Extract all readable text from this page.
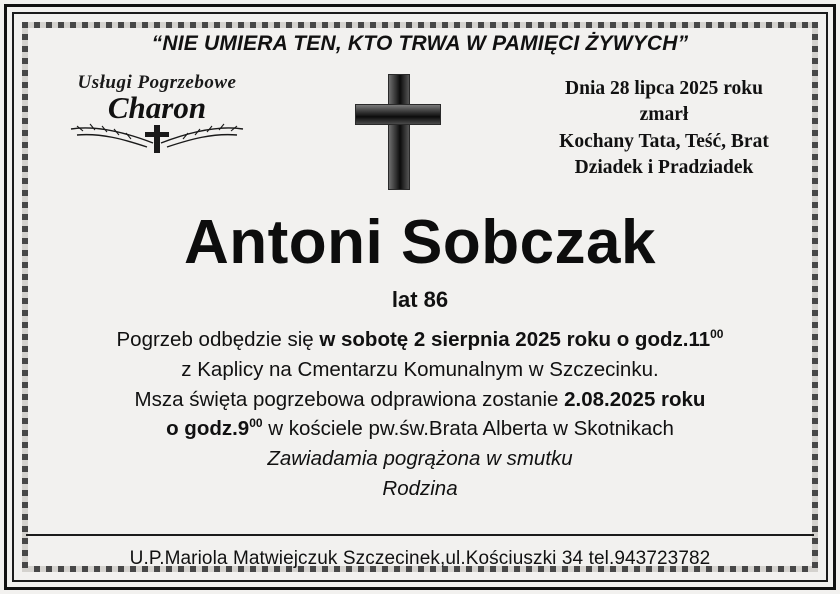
“NIE UMIERA TEN, KTO TRWA W PAMIĘCI ŻYWYCH”
Usługi Pogrzebowe
Charon
Dnia 28 lipca 2025 roku
zmarł
Kochany Tata, Teść, Brat
Dziadek i Pradziadek
Antoni Sobczak
lat 86
Pogrzeb odbędzie się w sobotę 2 sierpnia 2025 roku o $godz.11^{00}$
z Kaplicy na Cmentarzu Komunalnym w Szczecinku.
Msza święta pogrzebowa odprawiona zostanie 2.08.2025 roku
o $godz.9^{00}$ w kościele pw.św.Brata Alberta w Skotnikach
Zawiadamia pogrążona w smutku
Rodzina
U.P.Mariola Matwiejczuk Szczecinek,ul.Kościuszki 34 tel.943723782
